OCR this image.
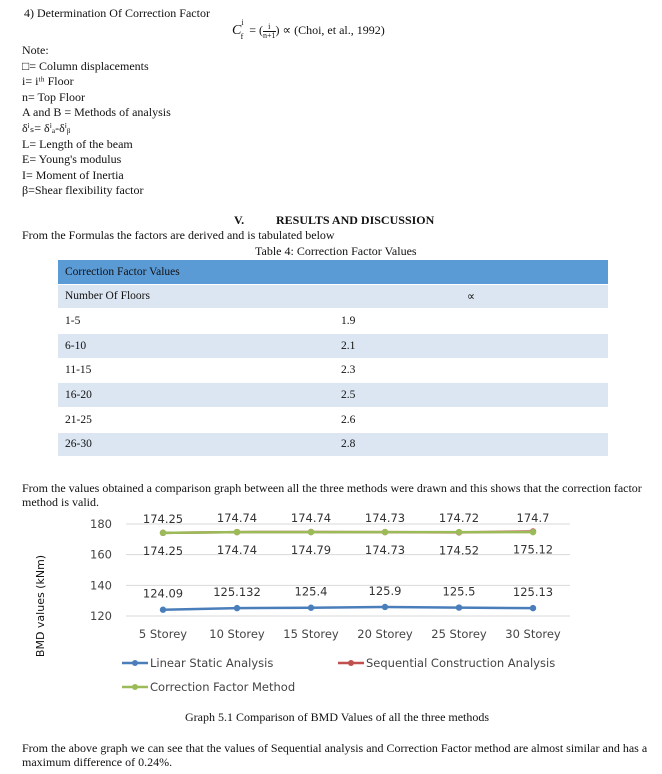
4) Determination Of Correction Factor
$C^i_f$ = ( $\frac{i}{n+1}$ ) ∝ (Choi, et al., 1992)
Note:
□= Column displacements
i= iᵗʰ Floor
n= Top Floor
A and B = Methods of analysis
δⁱₛ= δⁱₐ-δⁱᵦ
L= Length of the beam
E= Young's modulus
I= Moment of Inertia
β=Shear flexibility factor
V.	RESULTS AND DISCUSSION
From the Formulas the factors are derived and is tabulated below
Table 4: Correction Factor Values
Correction Factor Values	
Number Of Floors	∝
1-5	1.9
6-10	2.1
11-15	2.3
16-20	2.5
21-25	2.6
26-30	2.8
From the values obtained a comparison graph between all the three methods were drawn and this shows that the correction factor
method is valid.
120
140
160
180
5 Storey 10 Storey 15 Storey 20 Storey 25 Storey 30 Storey
124.09	125.132	125.4	125.9	125.5	125.13
174.25	174.74	174.79	174.73	174.52	175.12
174.25	174.74	174.74	174.73	174.72	174.7
BMD values (kNm)
Linear Static Analysis	Sequential Construction Analysis
Correction Factor Method
Graph 5.1 Comparison of BMD Values of all the three methods
From the above graph we can see that the values of Sequential analysis and Correction Factor method are almost similar and has a
maximum difference of 0.24%.
